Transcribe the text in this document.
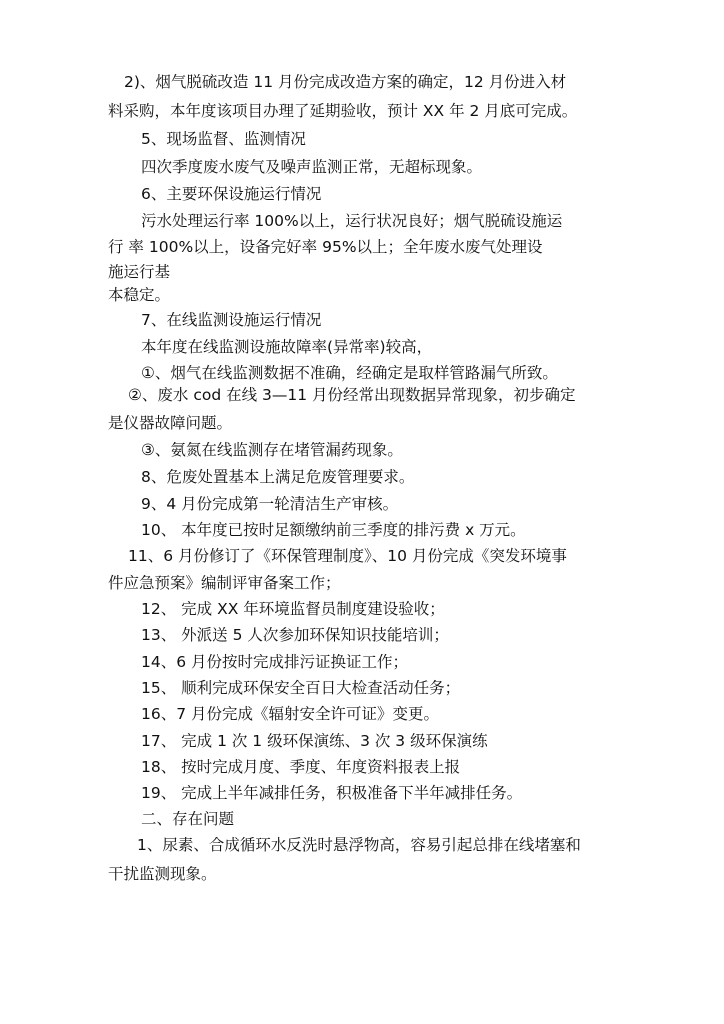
2)、烟气脱硫改造 11 月份完成改造方案的确定，12 月份进入材
料采购，本年度该项目办理了延期验收，预计 XX 年 2 月底可完成。
5、现场监督、监测情况
四次季度废水废气及噪声监测正常，无超标现象。
6、主要环保设施运行情况
污水处理运行率 100%以上，运行状况良好；烟气脱硫设施运
行 率 100%以上，设备完好率 95%以上；全年废水废气处理设
施运行基
本稳定。
7、在线监测设施运行情况
本年度在线监测设施故障率(异常率)较高，
①、烟气在线监测数据不准确，经确定是取样管路漏气所致。
②、废水 cod 在线 3—11 月份经常出现数据异常现象，初步确定
是仪器故障问题。
③、氨氮在线监测存在堵管漏药现象。
8、危废处置基本上满足危废管理要求。
9、4 月份完成第一轮清洁生产审核。
10、 本年度已按时足额缴纳前三季度的排污费 x 万元。
11、6 月份修订了《环保管理制度》、10 月份完成《突发环境事
件应急预案》编制评审备案工作；
12、 完成 XX 年环境监督员制度建设验收；
13、 外派送 5 人次参加环保知识技能培训；
14、6 月份按时完成排污证换证工作；
15、 顺利完成环保安全百日大检查活动任务；
16、7 月份完成《辐射安全许可证》变更。
17、 完成 1 次 1 级环保演练、3 次 3 级环保演练
18、 按时完成月度、季度、年度资料报表上报
19、 完成上半年减排任务，积极准备下半年减排任务。
二、存在问题
1、尿素、合成循环水反洗时悬浮物高，容易引起总排在线堵塞和
干扰监测现象。
